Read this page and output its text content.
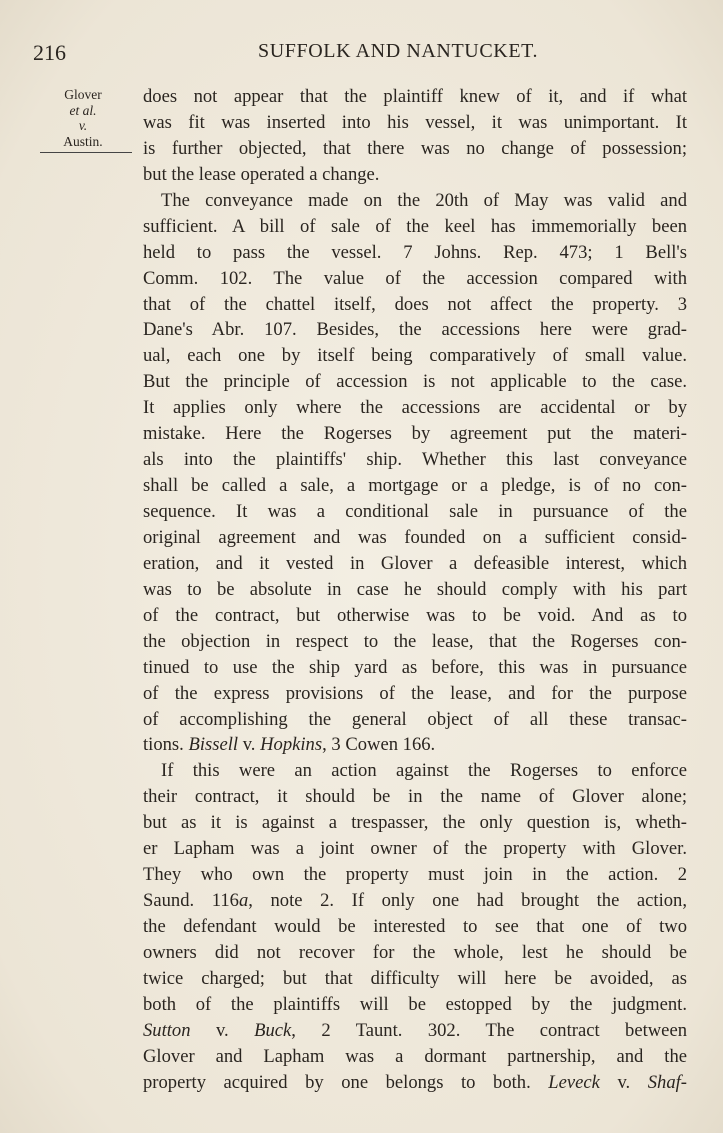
216	SUFFOLK AND NANTUCKET.
Glover
et al.
v.
Austin.
does not appear that the plaintiff knew of it, and if what
was fit was inserted into his vessel, it was unimportant. It
is further objected, that there was no change of possession;
but the lease operated a change.
The conveyance made on the 20th of May was valid and
sufficient. A bill of sale of the keel has immemorially been
held to pass the vessel. 7 Johns. Rep. 473; 1 Bell's
Comm. 102. The value of the accession compared with
that of the chattel itself, does not affect the property. 3
Dane's Abr. 107. Besides, the accessions here were grad-
ual, each one by itself being comparatively of small value.
But the principle of accession is not applicable to the case.
It applies only where the accessions are accidental or by
mistake. Here the Rogerses by agreement put the materi-
als into the plaintiffs' ship. Whether this last conveyance
shall be called a sale, a mortgage or a pledge, is of no con-
sequence. It was a conditional sale in pursuance of the
original agreement and was founded on a sufficient consid-
eration, and it vested in Glover a defeasible interest, which
was to be absolute in case he should comply with his part
of the contract, but otherwise was to be void. And as to
the objection in respect to the lease, that the Rogerses con-
tinued to use the ship yard as before, this was in pursuance
of the express provisions of the lease, and for the purpose
of accomplishing the general object of all these transac-
tions. Bissell v. Hopkins, 3 Cowen 166.
If this were an action against the Rogerses to enforce
their contract, it should be in the name of Glover alone;
but as it is against a trespasser, the only question is, wheth-
er Lapham was a joint owner of the property with Glover.
They who own the property must join in the action. 2
Saund. 116a, note 2. If only one had brought the action,
the defendant would be interested to see that one of two
owners did not recover for the whole, lest he should be
twice charged; but that difficulty will here be avoided, as
both of the plaintiffs will be estopped by the judgment.
Sutton v. Buck, 2 Taunt. 302. The contract between
Glover and Lapham was a dormant partnership, and the
property acquired by one belongs to both. Leveck v. Shaf-
